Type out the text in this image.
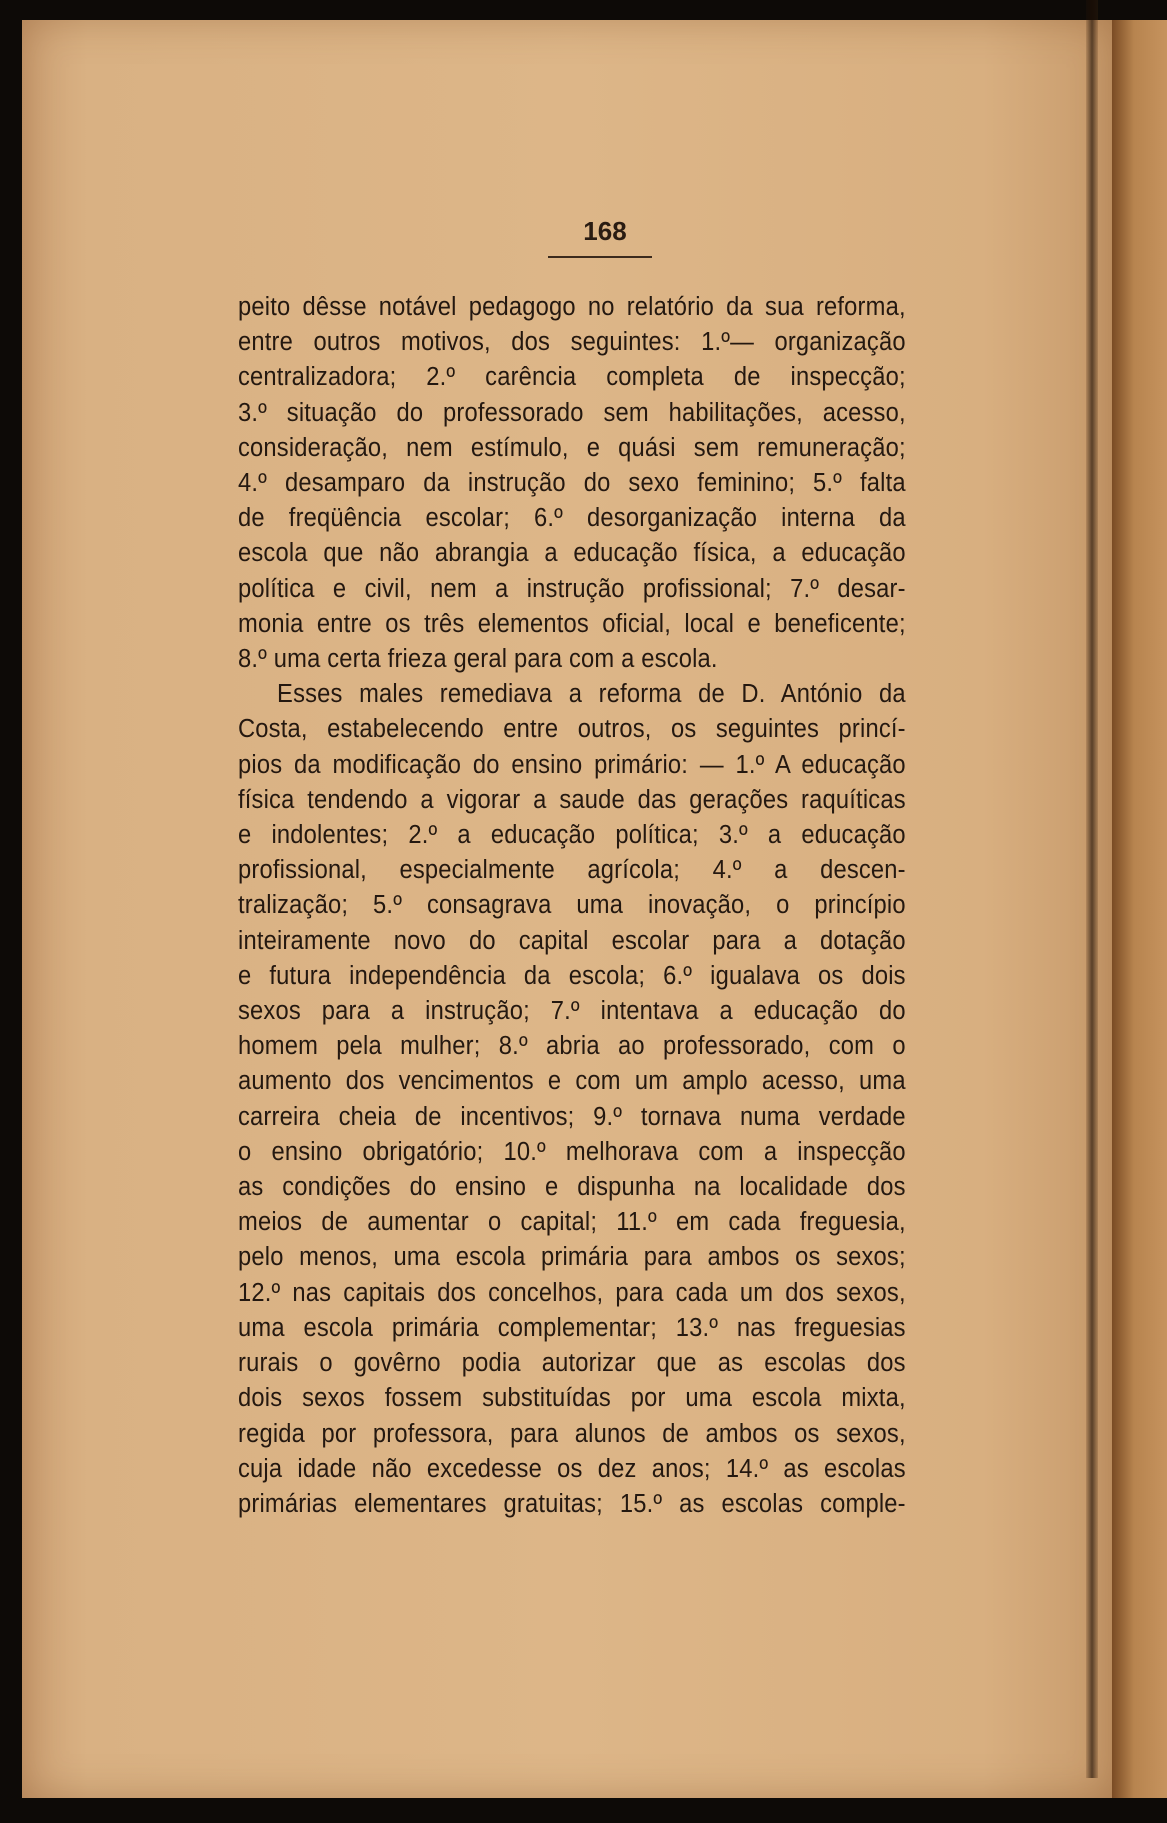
168
peito dêsse notável pedagogo no relatório da sua reforma,
entre outros motivos, dos seguintes: 1.º— organização
centralizadora; 2.º carência completa de inspecção;
3.º situação do professorado sem habilitações, acesso,
consideração, nem estímulo, e quási sem remuneração;
4.º desamparo da instrução do sexo feminino; 5.º falta
de freqüência escolar; 6.º desorganização interna da
escola que não abrangia a educação física, a educação
política e civil, nem a instrução profissional; 7.º desar-
monia entre os três elementos oficial, local e beneficente;
8.º uma certa frieza geral para com a escola.
Esses males remediava a reforma de D. António da
Costa, estabelecendo entre outros, os seguintes princí-
pios da modificação do ensino primário: — 1.º A educação
física tendendo a vigorar a saude das gerações raquíticas
e indolentes; 2.º a educação política; 3.º a educação
profissional, especialmente agrícola; 4.º a descen-
tralização; 5.º consagrava uma inovação, o princípio
inteiramente novo do capital escolar para a dotação
e futura independência da escola; 6.º igualava os dois
sexos para a instrução; 7.º intentava a educação do
homem pela mulher; 8.º abria ao professorado, com o
aumento dos vencimentos e com um amplo acesso, uma
carreira cheia de incentivos; 9.º tornava numa verdade
o ensino obrigatório; 10.º melhorava com a inspecção
as condições do ensino e dispunha na localidade dos
meios de aumentar o capital; 11.º em cada freguesia,
pelo menos, uma escola primária para ambos os sexos;
12.º nas capitais dos concelhos, para cada um dos sexos,
uma escola primária complementar; 13.º nas freguesias
rurais o govêrno podia autorizar que as escolas dos
dois sexos fossem substituídas por uma escola mixta,
regida por professora, para alunos de ambos os sexos,
cuja idade não excedesse os dez anos; 14.º as escolas
primárias elementares gratuitas; 15.º as escolas comple-
